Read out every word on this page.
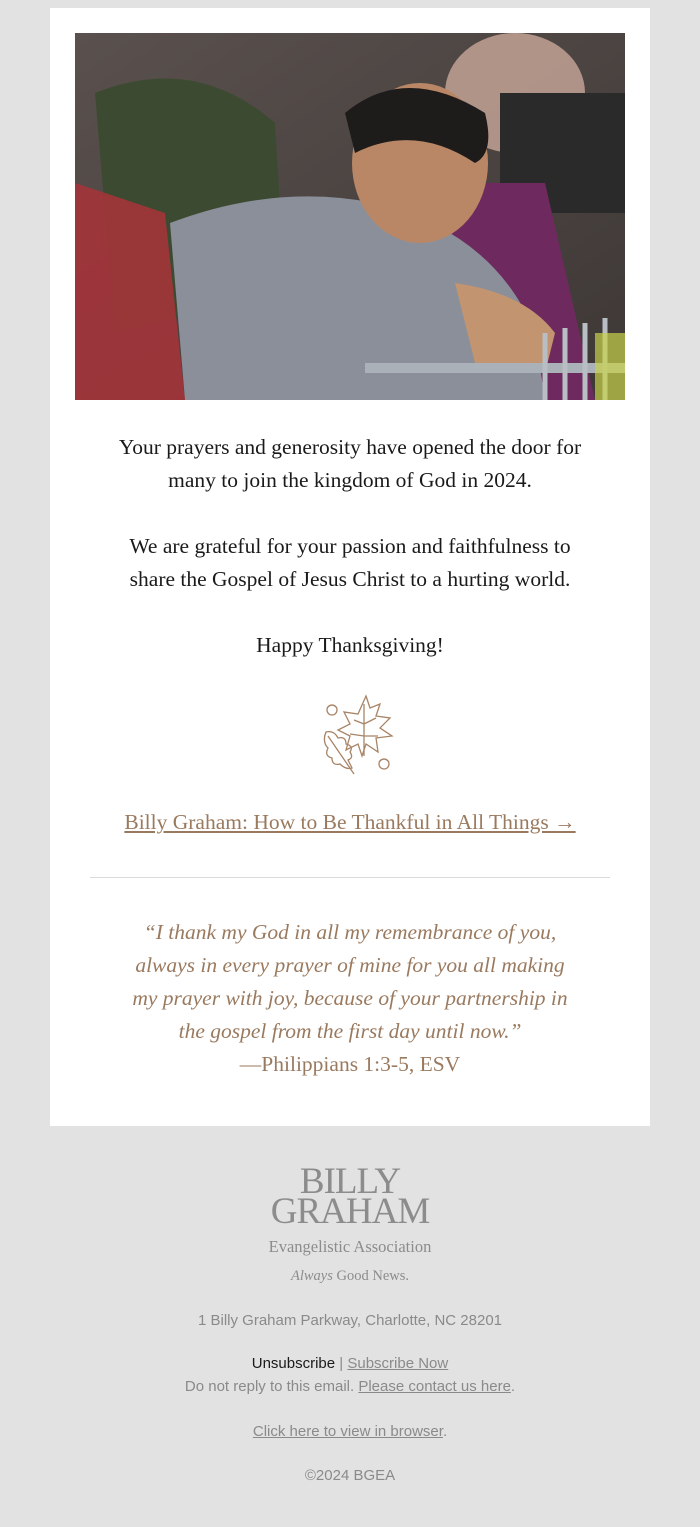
Your prayers and generosity have opened the door for

many to join the kingdom of God in 2024.

We are grateful for your passion and faithfulness to

share the Gospel of Jesus Christ to a hurting world.

Happy Thanksgiving!

Billy Graham: How to Be Thankful in All Things →
“I thank my God in all my remembrance of you,
always in every prayer of mine for you all making
my prayer with joy, because of your partnership in
the gospel from the first day until now.”
—Philippians 1:3-5, ESV
BILLY
GRAHAM
Evangelistic Association
Always Good News.
1 Billy Graham Parkway, Charlotte, NC 28201
Unsubscribe | Subscribe Now
Do not reply to this email. Please contact us here.
Click here to view in browser.
©2024 BGEA
